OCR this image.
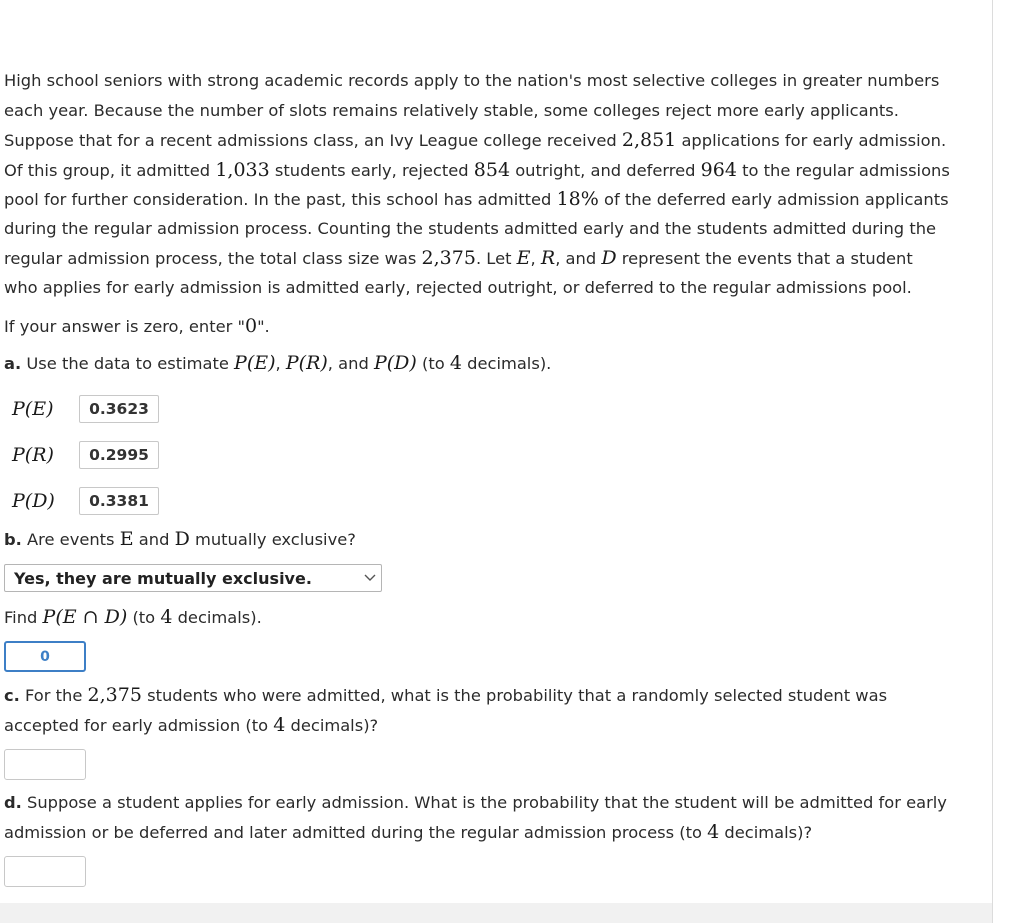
High school seniors with strong academic records apply to the nation's most selective colleges in greater numbers
each year. Because the number of slots remains relatively stable, some colleges reject more early applicants.
Suppose that for a recent admissions class, an Ivy League college received 2,851 applications for early admission.
Of this group, it admitted 1,033 students early, rejected 854 outright, and deferred 964 to the regular admissions
pool for further consideration. In the past, this school has admitted 18% of the deferred early admission applicants
during the regular admission process. Counting the students admitted early and the students admitted during the
regular admission process, the total class size was 2,375. Let E, R, and D represent the events that a student
who applies for early admission is admitted early, rejected outright, or deferred to the regular admissions pool.
If your answer is zero, enter "0".
a. Use the data to estimate P(E), P(R), and P(D) (to 4 decimals).
P(E)	0.3623
P(R)	0.2995
P(D)	0.3381
b. Are events E and D mutually exclusive?
Yes, they are mutually exclusive.
Find P(E ∩ D) (to 4 decimals).
0
c. For the 2,375 students who were admitted, what is the probability that a randomly selected student was
accepted for early admission (to 4 decimals)?
d. Suppose a student applies for early admission. What is the probability that the student will be admitted for early
admission or be deferred and later admitted during the regular admission process (to 4 decimals)?
